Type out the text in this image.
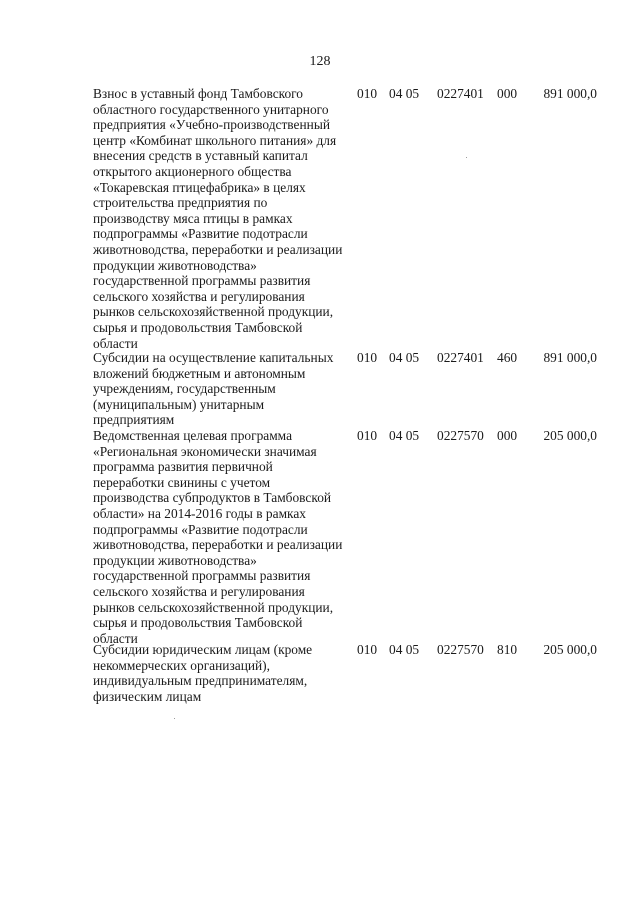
128
Взнос в уставный фонд Тамбовского
областного государственного унитарного
предприятия «Учебно-производственный
центр «Комбинат школьного питания» для
внесения средств в уставный капитал
открытого акционерного общества
«Токаревская птицефабрика» в целях
строительства предприятия по
производству мяса птицы в рамках
подпрограммы «Развитие подотрасли
животноводства, переработки и реализации
продукции животноводства»
государственной программы развития
сельского хозяйства и регулирования
рынков сельскохозяйственной продукции,
сырья и продовольствия Тамбовской
области
010 04 05 0227401 000 891 000,0
Субсидии на осуществление капитальных
вложений бюджетным и автономным
учреждениям, государственным
(муниципальным) унитарным
предприятиям
010 04 05 0227401 460 891 000,0
Ведомственная целевая программа
«Региональная экономически значимая
программа развития первичной
переработки свинины с учетом
производства субпродуктов в Тамбовской
области» на 2014-2016 годы в рамках
подпрограммы «Развитие подотрасли
животноводства, переработки и реализации
продукции животноводства»
государственной программы развития
сельского хозяйства и регулирования
рынков сельскохозяйственной продукции,
сырья и продовольствия Тамбовской
области
010 04 05 0227570 000 205 000,0
Субсидии юридическим лицам (кроме
некоммерческих организаций),
индивидуальным предпринимателям,
физическим лицам
010 04 05 0227570 810 205 000,0
